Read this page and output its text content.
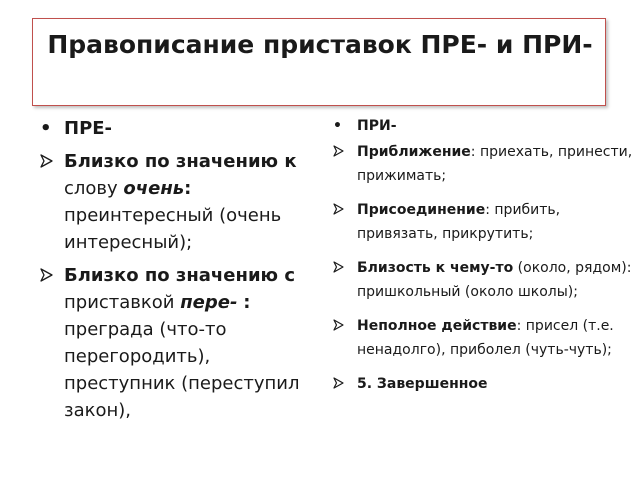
Правописание приставок ПРЕ- и ПРИ-
• ПРЕ-
Близко по значению к
слову очень: преинтересный (очень интересный);
Близко по значению с
приставкой пере- : преграда (что-то перегородить), преступник (переступил закон),
• ПРИ-
Приближение: приехать, принести, прижимать;
Присоединение: прибить, привязать, прикрутить;
Близость к чему-то (около, рядом): пришкольный (около школы);
Неполное действие: присел (т.е. ненадолго), приболел (чуть-чуть);
5. Завершенное
